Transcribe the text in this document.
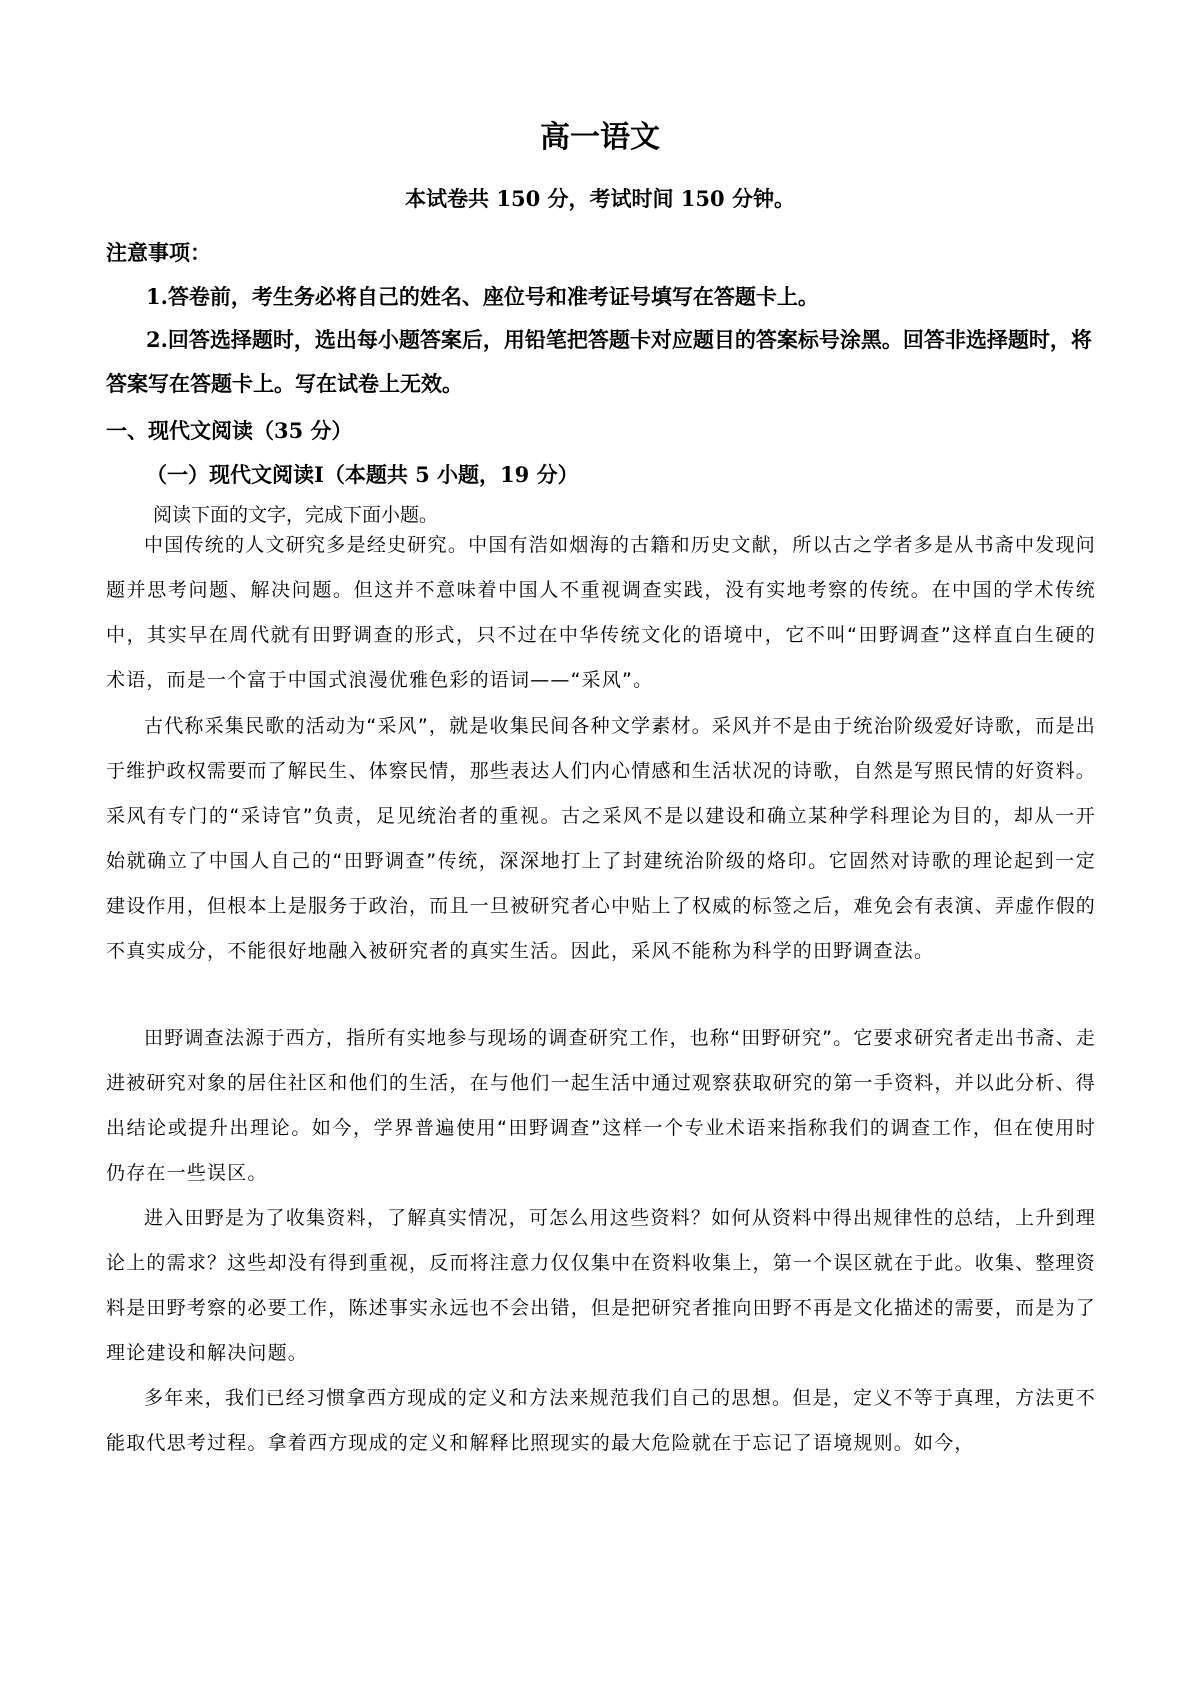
高一语文
本试卷共 150 分，考试时间 150 分钟。
注意事项：
1.答卷前，考生务必将自己的姓名、座位号和准考证号填写在答题卡上。
2.回答选择题时，选出每小题答案后，用铅笔把答题卡对应题目的答案标号涂黑。回答非选择题时，将答案写在答题卡上。写在试卷上无效。
一、现代文阅读（35 分）
（一）现代文阅读Ⅰ（本题共 5 小题，19 分）
阅读下面的文字，完成下面小题。

中国传统的人文研究多是经史研究。中国有浩如烟海的古籍和历史文献，所以古之学者多是从书斋中发现问题并思考问题、解决问题。但这并不意味着中国人不重视调查实践，没有实地考察的传统。在中国的学术传统中，其实早在周代就有田野调查的形式，只不过在中华传统文化的语境中，它不叫“田野调查”这样直白生硬的术语，而是一个富于中国式浪漫优雅色彩的语词——“采风”。

古代称采集民歌的活动为“采风”，就是收集民间各种文学素材。采风并不是由于统治阶级爱好诗歌，而是出于维护政权需要而了解民生、体察民情，那些表达人们内心情感和生活状况的诗歌，自然是写照民情的好资料。采风有专门的“采诗官”负责，足见统治者的重视。古之采风不是以建设和确立某种学科理论为目的，却从一开始就确立了中国人自己的“田野调查”传统，深深地打上了封建统治阶级的烙印。它固然对诗歌的理论起到一定建设作用，但根本上是服务于政治，而且一旦被研究者心中贴上了权威的标签之后，难免会有表演、弄虚作假的不真实成分，不能很好地融入被研究者的真实生活。因此，采风不能称为科学的田野调查法。

田野调查法源于西方，指所有实地参与现场的调查研究工作，也称“田野研究”。它要求研究者走出书斋、走进被研究对象的居住社区和他们的生活，在与他们一起生活中通过观察获取研究的第一手资料，并以此分析、得出结论或提升出理论。如今，学界普遍使用“田野调查”这样一个专业术语来指称我们的调查工作，但在使用时仍存在一些误区。

进入田野是为了收集资料，了解真实情况，可怎么用这些资料？如何从资料中得出规律性的总结，上升到理论上的需求？这些却没有得到重视，反而将注意力仅仅集中在资料收集上，第一个误区就在于此。收集、整理资料是田野考察的必要工作，陈述事实永远也不会出错，但是把研究者推向田野不再是文化描述的需要，而是为了理论建设和解决问题。

多年来，我们已经习惯拿西方现成的定义和方法来规范我们自己的思想。但是，定义不等于真理，方法更不能取代思考过程。拿着西方现成的定义和解释比照现实的最大危险就在于忘记了语境规则。如今，
